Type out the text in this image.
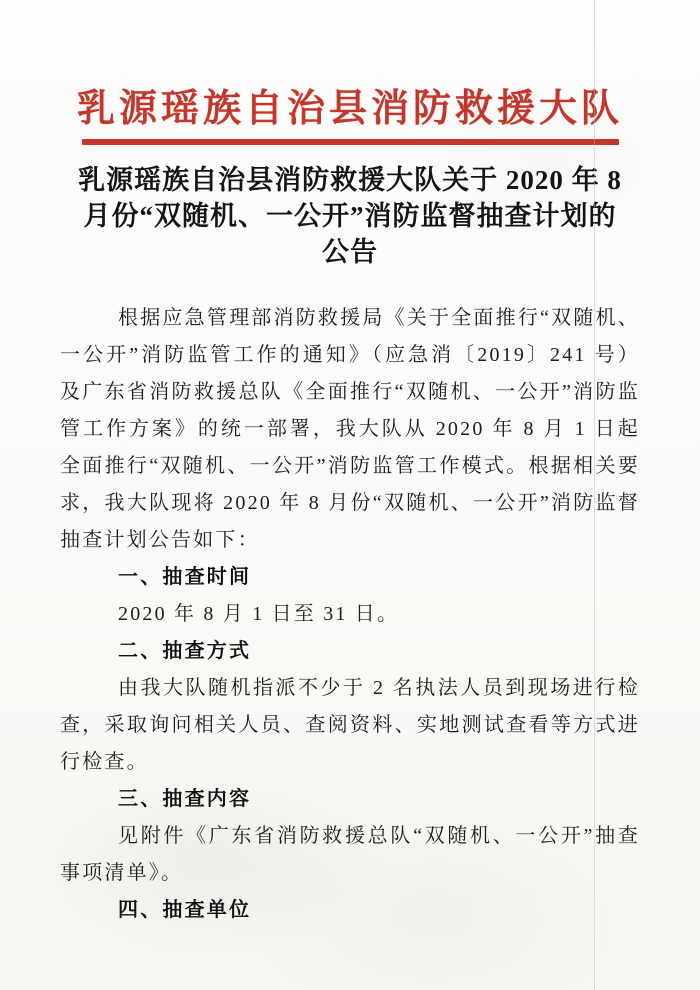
乳源瑶族自治县消防救援大队
乳源瑶族自治县消防救援大队关于 2020 年 8 月份“双随机、一公开”消防监督抽查计划的公告

根据应急管理部消防救援局《关于全面推行“双随机、一公开”消防监管工作的通知》（应急消〔2019〕241 号）及广东省消防救援总队《全面推行“双随机、一公开”消防监管工作方案》的统一部署，我大队从 2020 年 8 月 1 日起全面推行“双随机、一公开”消防监管工作模式。根据相关要求，我大队现将 2020 年 8 月份“双随机、一公开”消防监督抽查计划公告如下：

一、抽查时间

2020 年 8 月 1 日至 31 日。

二、抽查方式

由我大队随机指派不少于 2 名执法人员到现场进行检查，采取询问相关人员、查阅资料、实地测试查看等方式进行检查。

三、抽查内容

见附件《广东省消防救援总队“双随机、一公开”抽查事项清单》。

四、抽查单位
